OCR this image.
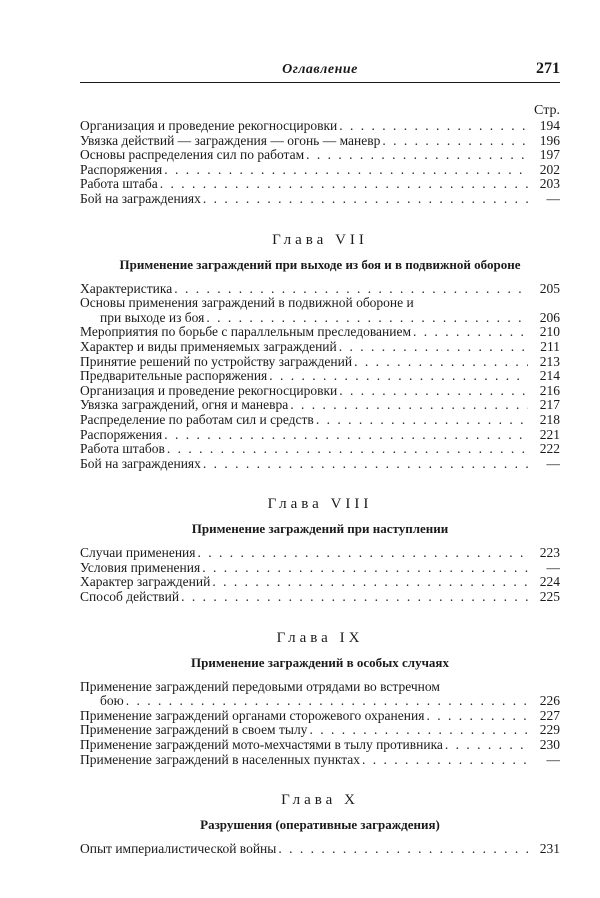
Оглавление	271
Стр.
Организация и проведение рекогносцировки . . .	194
Увязка действий — заграждения — огонь — маневр . . .	196
Основы распределения сил по работам . . .	197
Распоряжения . . .	202
Работа штаба . . .	203
Бой на заграждениях . . .	—
Глава VII
Применение заграждений при выходе из боя и в подвижной обороне
Характеристика . . .	205
Основы применения заграждений в подвижной обороне и
при выходе из боя . . .	206
Мероприятия по борьбе с параллельным преследованием . . .	210
Характер и виды применяемых заграждений . . .	211
Принятие решений по устройству заграждений . . .	213
Предварительные распоряжения . . .	214
Организация и проведение рекогносцировки . . .	216
Увязка заграждений, огня и маневра . . .	217
Распределение по работам сил и средств . . .	218
Распоряжения . . .	221
Работа штабов . . .	222
Бой на заграждениях . . .	—
Глава VIII
Применение заграждений при наступлении
Случаи применения . . .	223
Условия применения . . .	—
Характер заграждений . . .	224
Способ действий . . .	225
Глава IX
Применение заграждений в особых случаях
Применение заграждений передовыми отрядами во встречном
бою . . .	226
Применение заграждений органами сторожевого охранения . . .	227
Применение заграждений в своем тылу . . .	229
Применение заграждений мото-мехчастями в тылу противника . . .	230
Применение заграждений в населенных пунктах . . .	—
Глава X
Разрушения (оперативные заграждения)
Опыт империалистической войны . . .	231
